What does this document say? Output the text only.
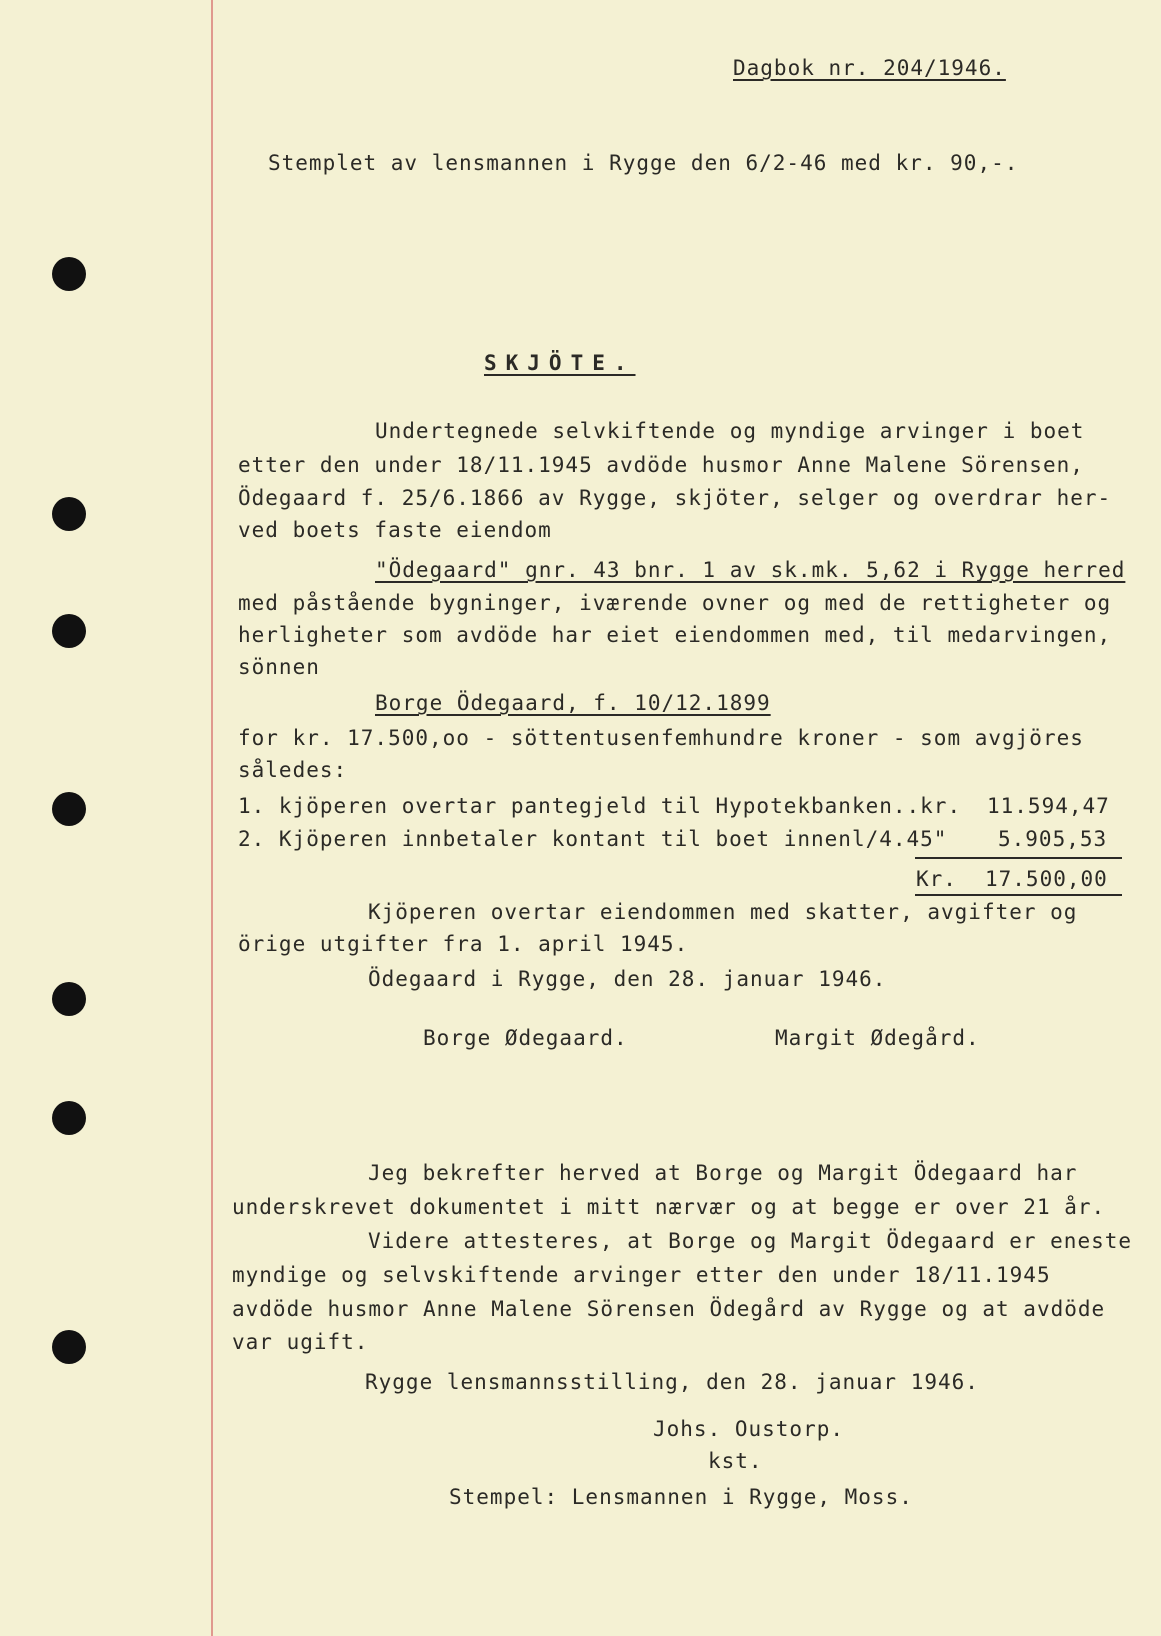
Dagbok nr. 204/1946.
Stemplet av lensmannen i Rygge den 6/2-46 med kr. 90,-.
SKJÖTE.
Undertegnede selvkiftende og myndige arvinger i boet
etter den under 18/11.1945 avdöde husmor Anne Malene Sörensen,
Ödegaard f. 25/6.1866 av Rygge, skjöter, selger og overdrar her-
ved boets faste eiendom
"Ödegaard" gnr. 43 bnr. 1 av sk.mk. 5,62 i Rygge herred
med påstående bygninger, iværende ovner og med de rettigheter og
herligheter som avdöde har eiet eiendommen med, til medarvingen,
sönnen
Borge Ödegaard, f. 10/12.1899
for kr. 17.500,oo - söttentusenfemhundre kroner - som avgjöres
således:
1. kjöperen overtar pantegjeld til Hypotekbanken..kr. 11.594,47
2. Kjöperen innbetaler kontant til boet innenl/4.45" 5.905,53
Kr. 17.500,00
Kjöperen overtar eiendommen med skatter, avgifter og
örige utgifter fra 1. april 1945.
Ödegaard i Rygge, den 28. januar 1946.
Borge Ødegaard.	Margit Ødegård.
Jeg bekrefter herved at Borge og Margit Ödegaard har
underskrevet dokumentet i mitt nærvær og at begge er over 21 år.
Videre attesteres, at Borge og Margit Ödegaard er eneste
myndige og selvskiftende arvinger etter den under 18/11.1945
avdöde husmor Anne Malene Sörensen Ödegård av Rygge og at avdöde
var ugift.
Rygge lensmannsstilling, den 28. januar 1946.
Johs. Oustorp.
kst.
Stempel: Lensmannen i Rygge, Moss.
